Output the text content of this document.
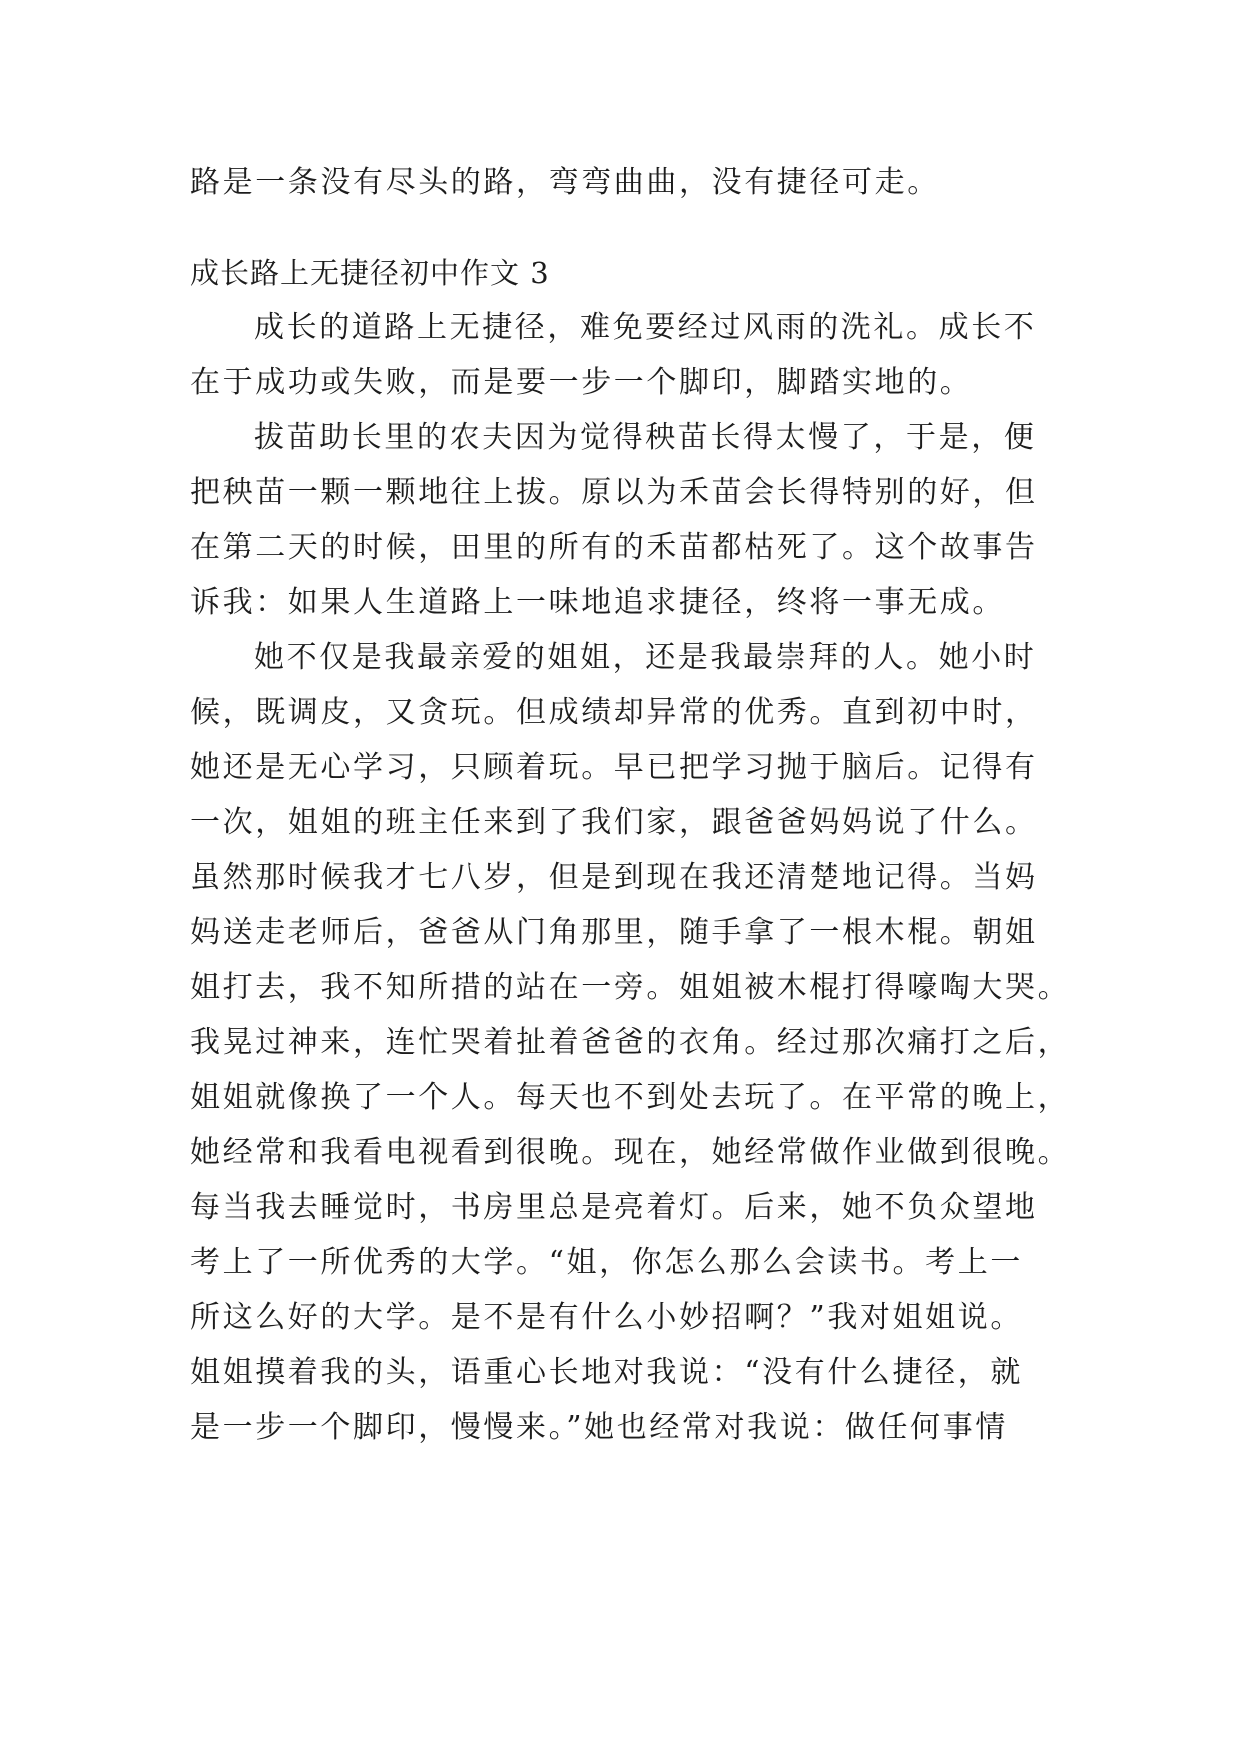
路是一条没有尽头的路，弯弯曲曲，没有捷径可走。
成长路上无捷径初中作文 3
成长的道路上无捷径，难免要经过风雨的洗礼。成长不
在于成功或失败，而是要一步一个脚印，脚踏实地的。
拔苗助长里的农夫因为觉得秧苗长得太慢了，于是，便
把秧苗一颗一颗地往上拔。原以为禾苗会长得特别的好，但
在第二天的时候，田里的所有的禾苗都枯死了。这个故事告
诉我：如果人生道路上一味地追求捷径，终将一事无成。
她不仅是我最亲爱的姐姐，还是我最崇拜的人。她小时
候，既调皮，又贪玩。但成绩却异常的优秀。直到初中时，
她还是无心学习，只顾着玩。早已把学习抛于脑后。记得有
一次，姐姐的班主任来到了我们家，跟爸爸妈妈说了什么。
虽然那时候我才七八岁，但是到现在我还清楚地记得。当妈
妈送走老师后，爸爸从门角那里，随手拿了一根木棍。朝姐
姐打去，我不知所措的站在一旁。姐姐被木棍打得嚎啕大哭。
我晃过神来，连忙哭着扯着爸爸的衣角。经过那次痛打之后，
姐姐就像换了一个人。每天也不到处去玩了。在平常的晚上，
她经常和我看电视看到很晚。现在，她经常做作业做到很晚。
每当我去睡觉时，书房里总是亮着灯。后来，她不负众望地
考上了一所优秀的大学。“姐，你怎么那么会读书。考上一
所这么好的大学。是不是有什么小妙招啊？”我对姐姐说。
姐姐摸着我的头，语重心长地对我说：“没有什么捷径，就
是一步一个脚印，慢慢来。”她也经常对我说：做任何事情
